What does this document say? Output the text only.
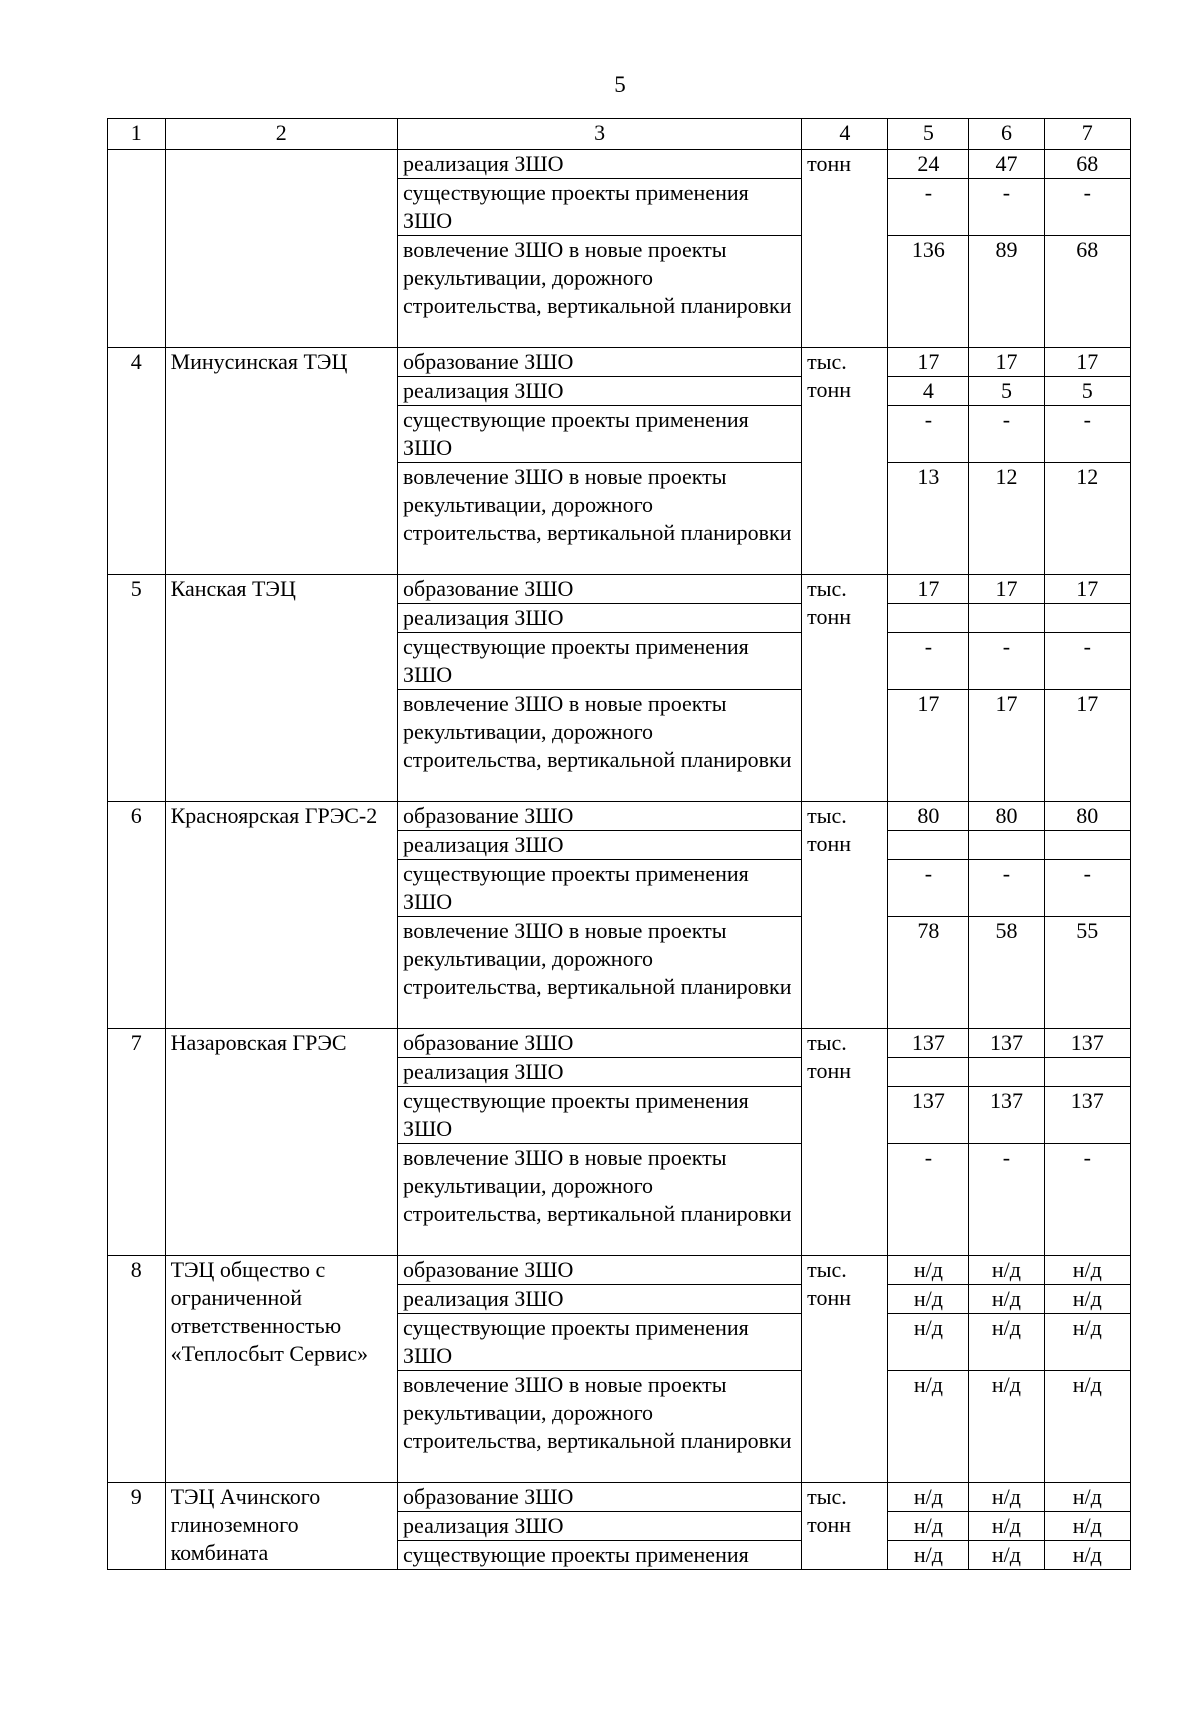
5
1	2	3	4	5	6	7
		реализация ЗШО	тонн	24	47	68
		существующие проекты применения ЗШО		-	-	-
		вовлечение ЗШО в новые проекты рекультивации, дорожного строительства, вертикальной планировки		136	89	68
4	Минусинская ТЭЦ	образование ЗШО	тыс. тонн	17	17	17
		реализация ЗШО		4	5	5
		существующие проекты применения ЗШО		-	-	-
		вовлечение ЗШО в новые проекты рекультивации, дорожного строительства, вертикальной планировки		13	12	12
5	Канская ТЭЦ	образование ЗШО	тыс. тонн	17	17	17
		реализация ЗШО				
		существующие проекты применения ЗШО		-	-	-
		вовлечение ЗШО в новые проекты рекультивации, дорожного строительства, вертикальной планировки		17	17	17
6	Красноярская ГРЭС-2	образование ЗШО	тыс. тонн	80	80	80
		реализация ЗШО				
		существующие проекты применения ЗШО		-	-	-
		вовлечение ЗШО в новые проекты рекультивации, дорожного строительства, вертикальной планировки		78	58	55
7	Назаровская ГРЭС	образование ЗШО	тыс. тонн	137	137	137
		реализация ЗШО				
		существующие проекты применения ЗШО		137	137	137
		вовлечение ЗШО в новые проекты рекультивации, дорожного строительства, вертикальной планировки		-	-	-
8	ТЭЦ общество с ограниченной ответственностью «Теплосбыт Сервис»	образование ЗШО	тыс. тонн	н/д	н/д	н/д
		реализация ЗШО		н/д	н/д	н/д
		существующие проекты применения ЗШО		н/д	н/д	н/д
		вовлечение ЗШО в новые проекты рекультивации, дорожного строительства, вертикальной планировки		н/д	н/д	н/д
9	ТЭЦ Ачинского глиноземного комбината	образование ЗШО	тыс. тонн	н/д	н/д	н/д
		реализация ЗШО		н/д	н/д	н/д
		существующие проекты применения		н/д	н/д	н/д
